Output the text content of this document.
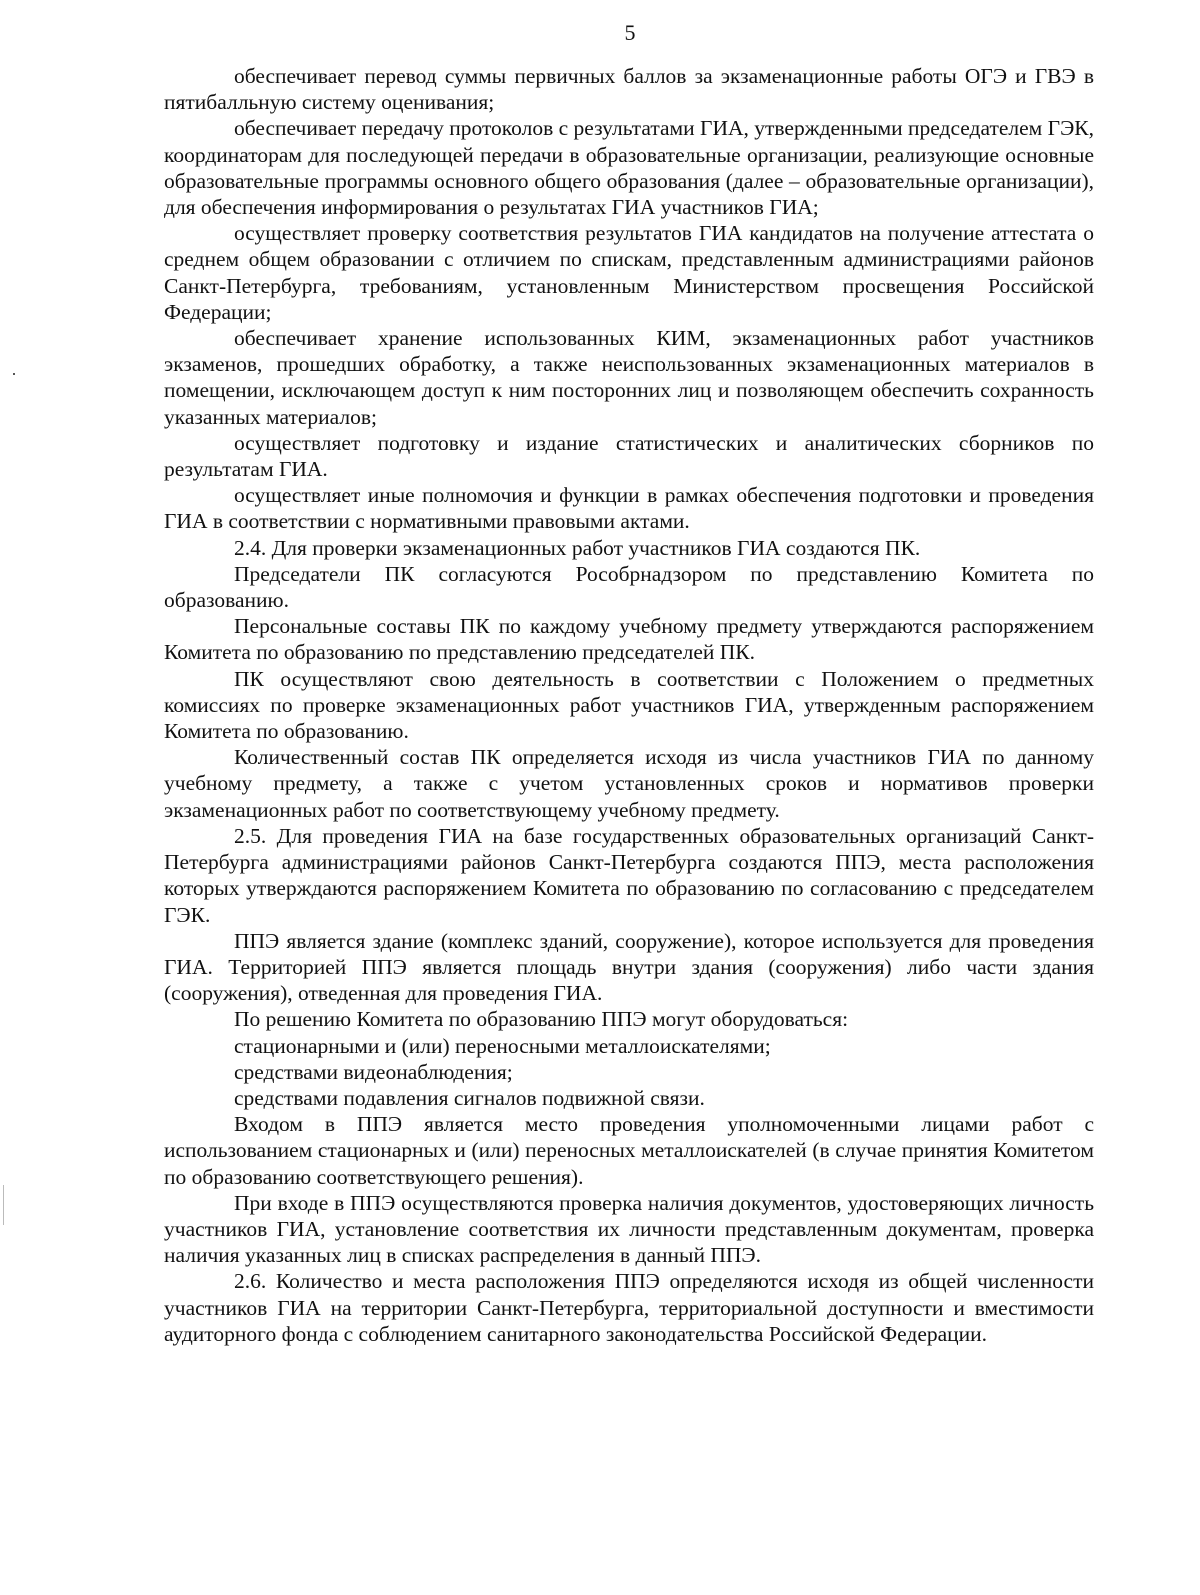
5

обеспечивает перевод суммы первичных баллов за экзаменационные работы ОГЭ и ГВЭ в пятибалльную систему оценивания;

обеспечивает передачу протоколов с результатами ГИА, утвержденными председателем ГЭК, координаторам для последующей передачи в образовательные организации, реализующие основные образовательные программы основного общего образования (далее – образовательные организации), для обеспечения информирования о результатах ГИА участников ГИА;

осуществляет проверку соответствия результатов ГИА кандидатов на получение аттестата о среднем общем образовании с отличием по спискам, представленным администрациями районов Санкт-Петербурга, требованиям, установленным Министерством просвещения Российской Федерации;

обеспечивает хранение использованных КИМ, экзаменационных работ участников экзаменов, прошедших обработку, а также неиспользованных экзаменационных материалов в помещении, исключающем доступ к ним посторонних лиц и позволяющем обеспечить сохранность указанных материалов;

осуществляет подготовку и издание статистических и аналитических сборников по результатам ГИА.

осуществляет иные полномочия и функции в рамках обеспечения подготовки и проведения ГИА в соответствии с нормативными правовыми актами.

2.4. Для проверки экзаменационных работ участников ГИА создаются ПК.

Председатели ПК согласуются Рособрнадзором по представлению Комитета по образованию.

Персональные составы ПК по каждому учебному предмету утверждаются распоряжением Комитета по образованию по представлению председателей ПК.

ПК осуществляют свою деятельность в соответствии с Положением о предметных комиссиях по проверке экзаменационных работ участников ГИА, утвержденным распоряжением Комитета по образованию.

Количественный состав ПК определяется исходя из числа участников ГИА по данному учебному предмету, а также с учетом установленных сроков и нормативов проверки экзаменационных работ по соответствующему учебному предмету.

2.5. Для проведения ГИА на базе государственных образовательных организаций Санкт-Петербурга администрациями районов Санкт-Петербурга создаются ППЭ, места расположения которых утверждаются распоряжением Комитета по образованию по согласованию с председателем ГЭК.

ППЭ является здание (комплекс зданий, сооружение), которое используется для проведения ГИА. Территорией ППЭ является площадь внутри здания (сооружения) либо части здания (сооружения), отведенная для проведения ГИА.

По решению Комитета по образованию ППЭ могут оборудоваться:

стационарными и (или) переносными металлоискателями;

средствами видеонаблюдения;

средствами подавления сигналов подвижной связи.

Входом в ППЭ является место проведения уполномоченными лицами работ с использованием стационарных и (или) переносных металлоискателей (в случае принятия Комитетом по образованию соответствующего решения).

При входе в ППЭ осуществляются проверка наличия документов, удостоверяющих личность участников ГИА, установление соответствия их личности представленным документам, проверка наличия указанных лиц в списках распределения в данный ППЭ.

2.6. Количество и места расположения ППЭ определяются исходя из общей численности участников ГИА на территории Санкт-Петербурга, территориальной доступности и вместимости аудиторного фонда с соблюдением санитарного законодательства Российской Федерации.
